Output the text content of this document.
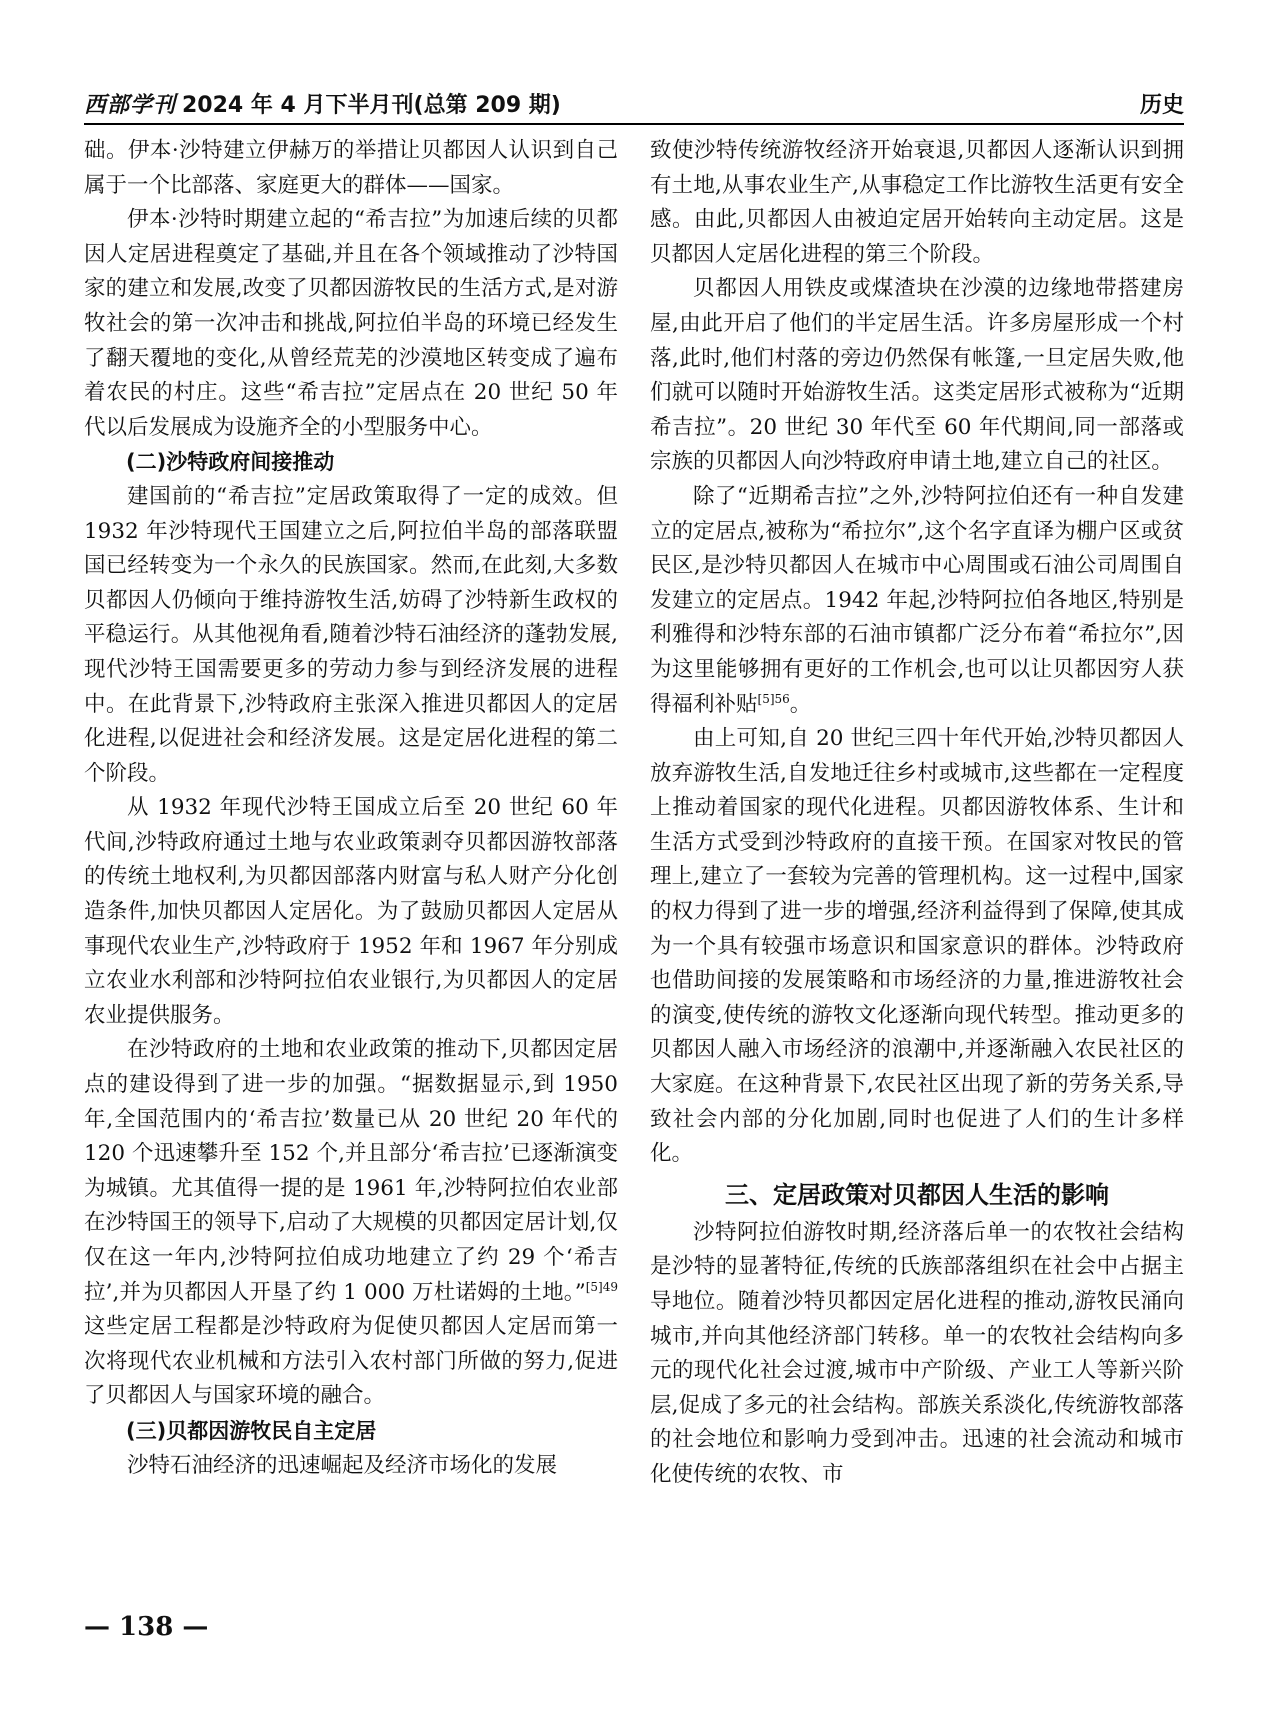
西部学刊 2024 年 4 月下半月刊(总第 209 期)	历史

础。伊本·沙特建立伊赫万的举措让贝都因人认识到自己属于一个比部落、家庭更大的群体——国家。

伊本·沙特时期建立起的“希吉拉”为加速后续的贝都因人定居进程奠定了基础,并且在各个领域推动了沙特国家的建立和发展,改变了贝都因游牧民的生活方式,是对游牧社会的第一次冲击和挑战,阿拉伯半岛的环境已经发生了翻天覆地的变化,从曾经荒芜的沙漠地区转变成了遍布着农民的村庄。这些“希吉拉”定居点在 20 世纪 50 年代以后发展成为设施齐全的小型服务中心。

(二)沙特政府间接推动

建国前的“希吉拉”定居政策取得了一定的成效。但 1932 年沙特现代王国建立之后,阿拉伯半岛的部落联盟国已经转变为一个永久的民族国家。然而,在此刻,大多数贝都因人仍倾向于维持游牧生活,妨碍了沙特新生政权的平稳运行。从其他视角看,随着沙特石油经济的蓬勃发展,现代沙特王国需要更多的劳动力参与到经济发展的进程中。在此背景下,沙特政府主张深入推进贝都因人的定居化进程,以促进社会和经济发展。这是定居化进程的第二个阶段。

从 1932 年现代沙特王国成立后至 20 世纪 60 年代间,沙特政府通过土地与农业政策剥夺贝都因游牧部落的传统土地权利,为贝都因部落内财富与私人财产分化创造条件,加快贝都因人定居化。为了鼓励贝都因人定居从事现代农业生产,沙特政府于 1952 年和 1967 年分别成立农业水利部和沙特阿拉伯农业银行,为贝都因人的定居农业提供服务。

在沙特政府的土地和农业政策的推动下,贝都因定居点的建设得到了进一步的加强。“据数据显示,到 1950 年,全国范围内的‘希吉拉’数量已从 20 世纪 20 年代的 120 个迅速攀升至 152 个,并且部分‘希吉拉’已逐渐演变为城镇。尤其值得一提的是 1961 年,沙特阿拉伯农业部在沙特国王的领导下,启动了大规模的贝都因定居计划,仅仅在这一年内,沙特阿拉伯成功地建立了约 29 个‘希吉拉’,并为贝都因人开垦了约 1 000 万杜诺姆的土地。”$^{[5]49}$ 这些定居工程都是沙特政府为促使贝都因人定居而第一次将现代农业机械和方法引入农村部门所做的努力,促进了贝都因人与国家环境的融合。

(三)贝都因游牧民自主定居

沙特石油经济的迅速崛起及经济市场化的发展

致使沙特传统游牧经济开始衰退,贝都因人逐渐认识到拥有土地,从事农业生产,从事稳定工作比游牧生活更有安全感。由此,贝都因人由被迫定居开始转向主动定居。这是贝都因人定居化进程的第三个阶段。

贝都因人用铁皮或煤渣块在沙漠的边缘地带搭建房屋,由此开启了他们的半定居生活。许多房屋形成一个村落,此时,他们村落的旁边仍然保有帐篷,一旦定居失败,他们就可以随时开始游牧生活。这类定居形式被称为“近期希吉拉”。20 世纪 30 年代至 60 年代期间,同一部落或宗族的贝都因人向沙特政府申请土地,建立自己的社区。

除了“近期希吉拉”之外,沙特阿拉伯还有一种自发建立的定居点,被称为“希拉尔”,这个名字直译为棚户区或贫民区,是沙特贝都因人在城市中心周围或石油公司周围自发建立的定居点。1942 年起,沙特阿拉伯各地区,特别是利雅得和沙特东部的石油市镇都广泛分布着“希拉尔”,因为这里能够拥有更好的工作机会,也可以让贝都因穷人获得福利补贴$^{[5]56}$。

由上可知,自 20 世纪三四十年代开始,沙特贝都因人放弃游牧生活,自发地迁往乡村或城市,这些都在一定程度上推动着国家的现代化进程。贝都因游牧体系、生计和生活方式受到沙特政府的直接干预。在国家对牧民的管理上,建立了一套较为完善的管理机构。这一过程中,国家的权力得到了进一步的增强,经济利益得到了保障,使其成为一个具有较强市场意识和国家意识的群体。沙特政府也借助间接的发展策略和市场经济的力量,推进游牧社会的演变,使传统的游牧文化逐渐向现代转型。推动更多的贝都因人融入市场经济的浪潮中,并逐渐融入农民社区的大家庭。在这种背景下,农民社区出现了新的劳务关系,导致社会内部的分化加剧,同时也促进了人们的生计多样化。

三、定居政策对贝都因人生活的影响

沙特阿拉伯游牧时期,经济落后单一的农牧社会结构是沙特的显著特征,传统的氏族部落组织在社会中占据主导地位。随着沙特贝都因定居化进程的推动,游牧民涌向城市,并向其他经济部门转移。单一的农牧社会结构向多元的现代化社会过渡,城市中产阶级、产业工人等新兴阶层,促成了多元的社会结构。部族关系淡化,传统游牧部落的社会地位和影响力受到冲击。迅速的社会流动和城市化使传统的农牧、市

— 138 —
